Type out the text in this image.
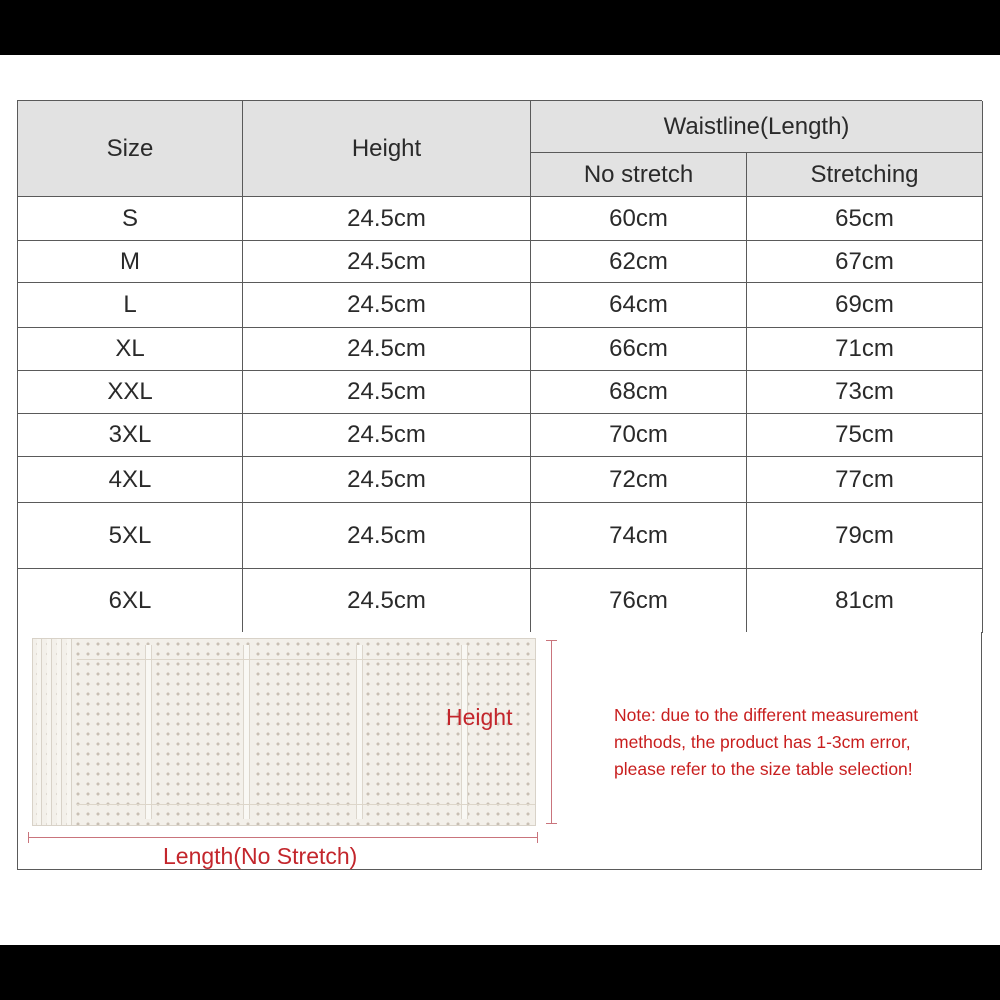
Size	Height
Waistline(Length)
No stretch	Stretching
S	24.5cm	60cm	65cm
M	24.5cm	62cm	67cm
L	24.5cm	64cm	69cm
XL	24.5cm	66cm	71cm
XXL	24.5cm	68cm	73cm
3XL	24.5cm	70cm	75cm
4XL	24.5cm	72cm	77cm
5XL	24.5cm	74cm	79cm
6XL	24.5cm	76cm	81cm
Height
Length(No Stretch)
Note: due to the different measurement
methods, the product has 1-3cm error,
please refer to the size table selection!
